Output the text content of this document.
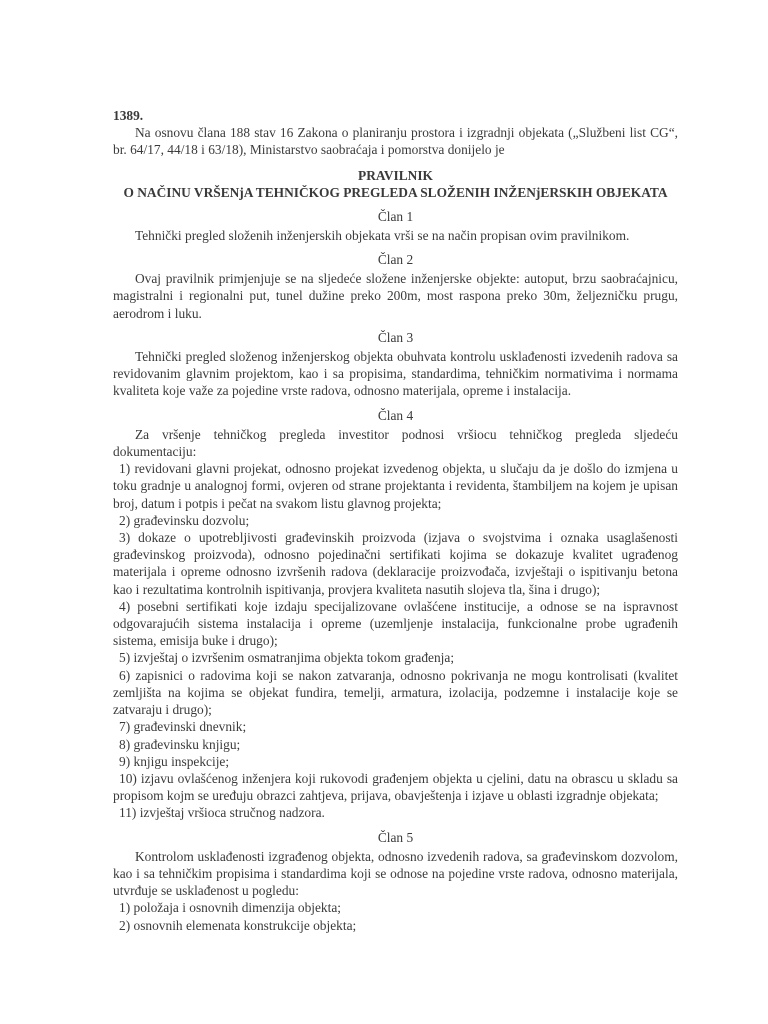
1389.

Na osnovu člana 188 stav 16 Zakona o planiranju prostora i izgradnji objekata („Službeni list CG“, br. 64/17, 44/18 i 63/18), Ministarstvo saobraćaja i pomorstva donijelo je

PRAVILNIK
O NAČINU VRŠENjA TEHNIČKOG PREGLEDA SLOŽENIH INŽENjERSKIH OBJEKATA

Član 1

Tehnički pregled složenih inženjerskih objekata vrši se na način propisan ovim pravilnikom.

Član 2

Ovaj pravilnik primjenjuje se na sljedeće složene inženjerske objekte: autoput, brzu saobraćajnicu, magistralni i regionalni put, tunel dužine preko 200m, most raspona preko 30m, željezničku prugu, aerodrom i luku.

Član 3

Tehnički pregled složenog inženjerskog objekta obuhvata kontrolu usklađenosti izvedenih radova sa revidovanim glavnim projektom, kao i sa propisima, standardima, tehničkim normativima i normama kvaliteta koje važe za pojedine vrste radova, odnosno materijala, opreme i instalacija.

Član 4

Za vršenje tehničkog pregleda investitor podnosi vršiocu tehničkog pregleda sljedeću dokumentaciju:

1) revidovani glavni projekat, odnosno projekat izvedenog objekta, u slučaju da je došlo do izmjena u toku gradnje u analognoj formi, ovjeren od strane projektanta i revidenta, štambiljem na kojem je upisan broj, datum i potpis i pečat na svakom listu glavnog projekta;

2) građevinsku dozvolu;

3) dokaze o upotrebljivosti građevinskih proizvoda (izjava o svojstvima i oznaka usaglašenosti građevinskog proizvoda), odnosno pojedinačni sertifikati kojima se dokazuje kvalitet ugrađenog materijala i opreme odnosno izvršenih radova (deklaracije proizvođača, izvještaji o ispitivanju betona kao i rezultatima kontrolnih ispitivanja, provjera kvaliteta nasutih slojeva tla, šina i drugo);

4) posebni sertifikati koje izdaju specijalizovane ovlašćene institucije, a odnose se na ispravnost odgovarajućih sistema instalacija i opreme (uzemljenje instalacija, funkcionalne probe ugrađenih sistema, emisija buke i drugo);

5) izvještaj o izvršenim osmatranjima objekta tokom građenja;

6) zapisnici o radovima koji se nakon zatvaranja, odnosno pokrivanja ne mogu kontrolisati (kvalitet zemljišta na kojima se objekat fundira, temelji, armatura, izolacija, podzemne i instalacije koje se zatvaraju i drugo);

7) građevinski dnevnik;

8) građevinsku knjigu;

9) knjigu inspekcije;

10) izjavu ovlašćenog inženjera koji rukovodi građenjem objekta u cjelini, datu na obrascu u skladu sa propisom kojm se uređuju obrazci zahtjeva, prijava, obavještenja i izjave u oblasti izgradnje objekata;

11) izvještaj vršioca stručnog nadzora.

Član 5

Kontrolom usklađenosti izgrađenog objekta, odnosno izvedenih radova, sa građevinskom dozvolom, kao i sa tehničkim propisima i standardima koji se odnose na pojedine vrste radova, odnosno materijala, utvrđuje se usklađenost u pogledu:

1) položaja i osnovnih dimenzija objekta;

2) osnovnih elemenata konstrukcije objekta;
